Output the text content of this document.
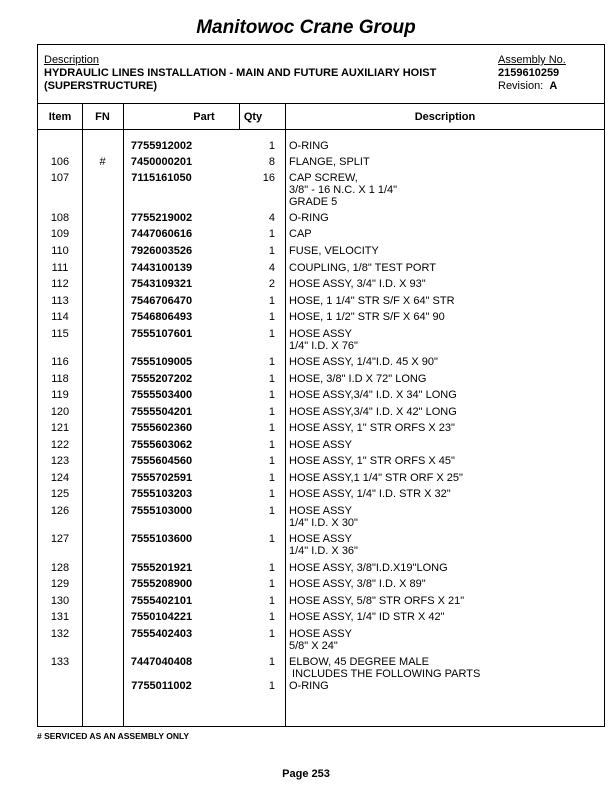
Manitowoc Crane Group
Description
HYDRAULIC LINES INSTALLATION - MAIN AND FUTURE AUXILIARY HOIST
(SUPERSTRUCTURE)
Assembly No.
2159610259
Revision: A
Item	FN	Part	Qty	Description
7755912002	1 O-RING
106	#	7450000201	8 FLANGE, SPLIT
107	7115161050	16 CAP SCREW,
3/8" - 16 N.C. X 1 1/4"
GRADE 5
108	7755219002	4 O-RING
109	7447060616	1 CAP
110	7926003526	1 FUSE, VELOCITY
111	7443100139	4 COUPLING, 1/8" TEST PORT
112	7543109321	2 HOSE ASSY, 3/4" I.D. X 93"
113	7546706470	1 HOSE, 1 1/4" STR S/F X 64" STR
114	7546806493	1 HOSE, 1 1/2" STR S/F X 64" 90
115	7555107601	1 HOSE ASSY
1/4" I.D. X 76"
116	7555109005	1 HOSE ASSY, 1/4"I.D. 45 X 90"
118	7555207202	1 HOSE, 3/8" I.D X 72" LONG
119	7555503400	1 HOSE ASSY,3/4" I.D. X 34" LONG
120	7555504201	1 HOSE ASSY,3/4" I.D. X 42" LONG
121	7555602360	1 HOSE ASSY, 1" STR ORFS X 23"
122	7555603062	1 HOSE ASSY
123	7555604560	1 HOSE ASSY, 1" STR ORFS X 45"
124	7555702591	1 HOSE ASSY,1 1/4" STR ORF X 25"
125	7555103203	1 HOSE ASSY, 1/4" I.D. STR X 32"
126	7555103000	1 HOSE ASSY
1/4" I.D. X 30"
127	7555103600	1 HOSE ASSY
1/4" I.D. X 36"
128	7555201921	1 HOSE ASSY, 3/8"I.D.X19"LONG
129	7555208900	1 HOSE ASSY, 3/8" I.D. X 89"
130	7555402101	1 HOSE ASSY, 5/8" STR ORFS X 21"
131	7550104221	1 HOSE ASSY, 1/4" ID STR X 42"
132	7555402403	1 HOSE ASSY
5/8" X 24"
133	7447040408	1 ELBOW, 45 DEGREE MALE
INCLUDES THE FOLLOWING PARTS
7755011002	1 O-RING
# SERVICED AS AN ASSEMBLY ONLY
Page 253
